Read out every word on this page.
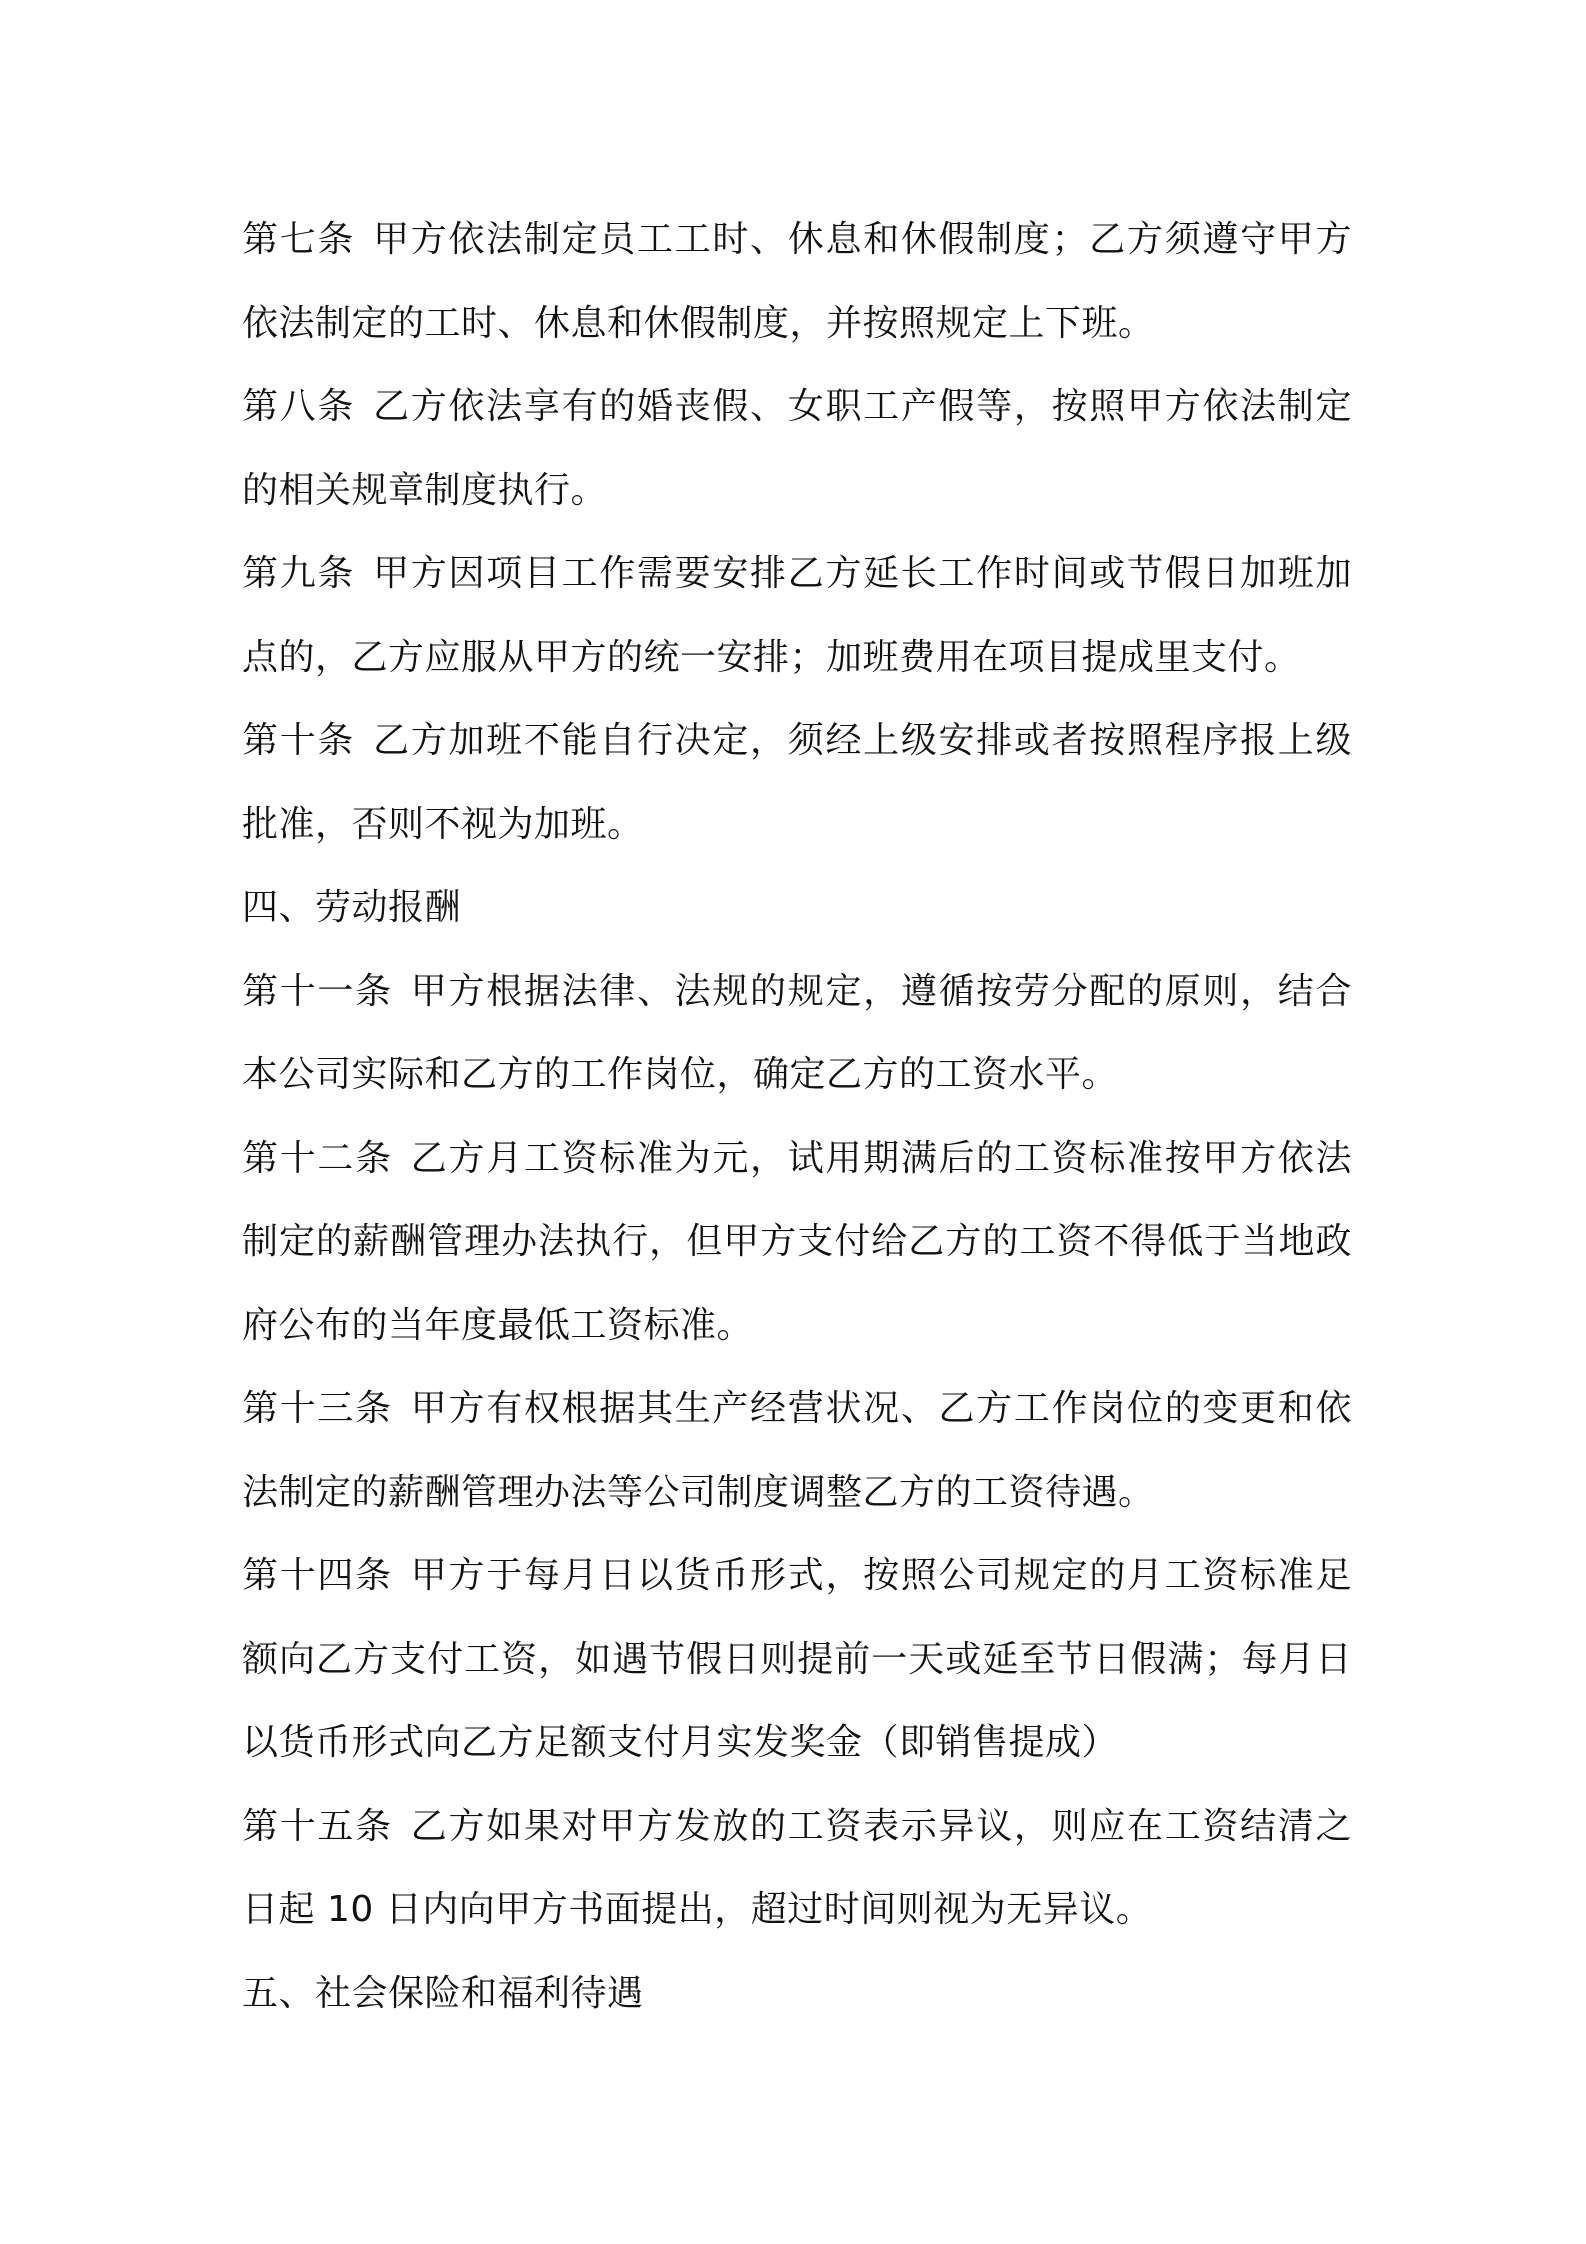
第七条 甲方依法制定员工工时、休息和休假制度；乙方须遵守甲方依法制定的工时、休息和休假制度，并按照规定上下班。

第八条 乙方依法享有的婚丧假、女职工产假等，按照甲方依法制定的相关规章制度执行。

第九条 甲方因项目工作需要安排乙方延长工作时间或节假日加班加点的，乙方应服从甲方的统一安排；加班费用在项目提成里支付。

第十条 乙方加班不能自行决定，须经上级安排或者按照程序报上级批准，否则不视为加班。

四、劳动报酬

第十一条 甲方根据法律、法规的规定，遵循按劳分配的原则，结合本公司实际和乙方的工作岗位，确定乙方的工资水平。

第十二条 乙方月工资标准为元，试用期满后的工资标准按甲方依法制定的薪酬管理办法执行，但甲方支付给乙方的工资不得低于当地政府公布的当年度最低工资标准。

第十三条 甲方有权根据其生产经营状况、乙方工作岗位的变更和依法制定的薪酬管理办法等公司制度调整乙方的工资待遇。

第十四条 甲方于每月日以货币形式，按照公司规定的月工资标准足额向乙方支付工资，如遇节假日则提前一天或延至节日假满；每月日以货币形式向乙方足额支付月实发奖金（即销售提成）

第十五条 乙方如果对甲方发放的工资表示异议，则应在工资结清之日起 10 日内向甲方书面提出，超过时间则视为无异议。

五、社会保险和福利待遇
